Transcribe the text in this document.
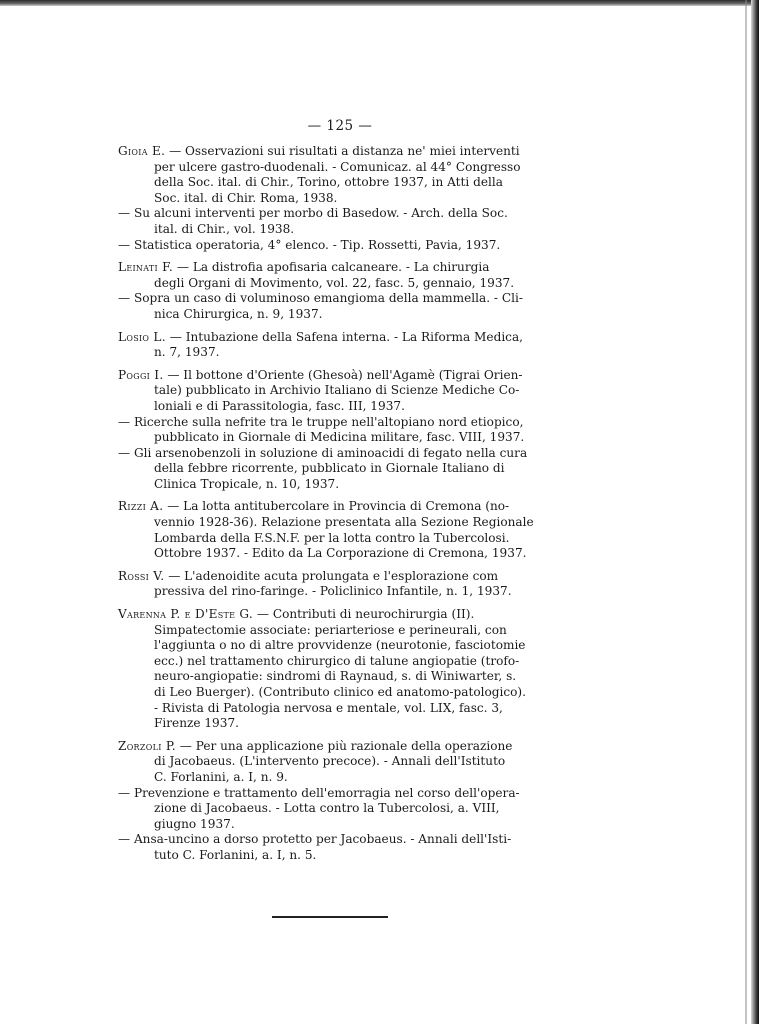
— 125 —
Gioia E. — Osservazioni sui risultati a distanza ne' miei interventi
per ulcere gastro-duodenali. - Comunicaz. al 44° Congresso
della Soc. ital. di Chir., Torino, ottobre 1937, in Atti della
Soc. ital. di Chir. Roma, 1938.
— Su alcuni interventi per morbo di Basedow. - Arch. della Soc.
ital. di Chir., vol. 1938.
— Statistica operatoria, 4° elenco. - Tip. Rossetti, Pavia, 1937.
Leinati F. — La distrofia apofisaria calcaneare. - La chirurgia
degli Organi di Movimento, vol. 22, fasc. 5, gennaio, 1937.
— Sopra un caso di voluminoso emangioma della mammella. - Cli-
nica Chirurgica, n. 9, 1937.
Losio L. — Intubazione della Safena interna. - La Riforma Medica,
n. 7, 1937.
Poggi I. — Il bottone d'Oriente (Ghesoà) nell'Agamè (Tigrai Orien-
tale) pubblicato in Archivio Italiano di Scienze Mediche Co-
loniali e di Parassitologia, fasc. III, 1937.
— Ricerche sulla nefrite tra le truppe nell'altopiano nord etiopico,
pubblicato in Giornale di Medicina militare, fasc. VIII, 1937.
— Gli arsenobenzoli in soluzione di aminoacidi di fegato nella cura
della febbre ricorrente, pubblicato in Giornale Italiano di
Clinica Tropicale, n. 10, 1937.
Rizzi A. — La lotta antitubercolare in Provincia di Cremona (no-
vennio 1928-36). Relazione presentata alla Sezione Regionale
Lombarda della F.S.N.F. per la lotta contro la Tubercolosi.
Ottobre 1937. - Edito da La Corporazione di Cremona, 1937.
Rossi V. — L'adenoidite acuta prolungata e l'esplorazione com
pressiva del rino-faringe. - Policlinico Infantile, n. 1, 1937.
Varenna P. e D'Este G. — Contributi di neurochirurgia (II).
Simpatectomie associate: periarteriose e perineurali, con
l'aggiunta o no di altre provvidenze (neurotonie, fasciotomie
ecc.) nel trattamento chirurgico di talune angiopatie (trofo-
neuro-angiopatie: sindromi di Raynaud, s. di Winiwarter, s.
di Leo Buerger). (Contributo clinico ed anatomo-patologico).
- Rivista di Patologia nervosa e mentale, vol. LIX, fasc. 3,
Firenze 1937.
Zorzoli P. — Per una applicazione più razionale della operazione
di Jacobaeus. (L'intervento precoce). - Annali dell'Istituto
C. Forlanini, a. I, n. 9.
— Prevenzione e trattamento dell'emorragia nel corso dell'opera-
zione di Jacobaeus. - Lotta contro la Tubercolosi, a. VIII,
giugno 1937.
— Ansa-uncino a dorso protetto per Jacobaeus. - Annali dell'Isti-
tuto C. Forlanini, a. I, n. 5.
